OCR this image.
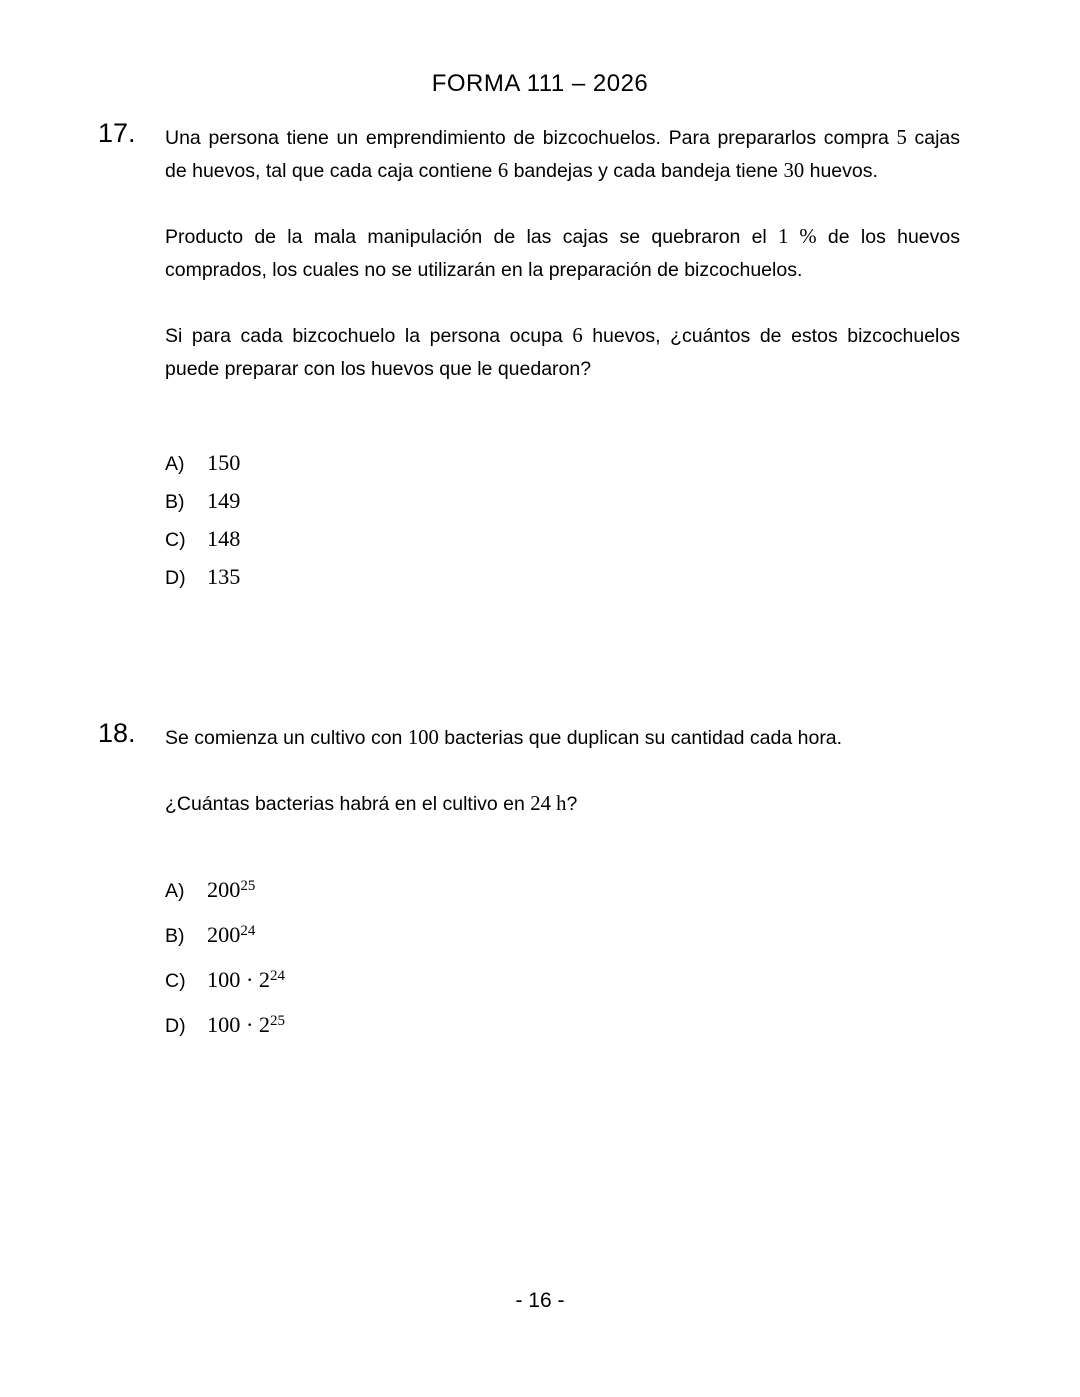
FORMA 111 – 2026
17. Una persona tiene un emprendimiento de bizcochuelos. Para prepararlos compra 5 cajas de huevos, tal que cada caja contiene 6 bandejas y cada bandeja tiene 30 huevos.

Producto de la mala manipulación de las cajas se quebraron el 1 % de los huevos comprados, los cuales no se utilizarán en la preparación de bizcochuelos.

Si para cada bizcochuelo la persona ocupa 6 huevos, ¿cuántos de estos bizcochuelos puede preparar con los huevos que le quedaron?

A)	150
B)	149
C) 148
D) 135
18. Se comienza un cultivo con 100 bacterias que duplican su cantidad cada hora.

¿Cuántas bacterias habrá en el cultivo en 24 h?

A)	$200^{25}$
B)	$200^{24}$
C) $100 \cdot 2^{24}$
D) $100 \cdot 2^{25}$
- 16 -
